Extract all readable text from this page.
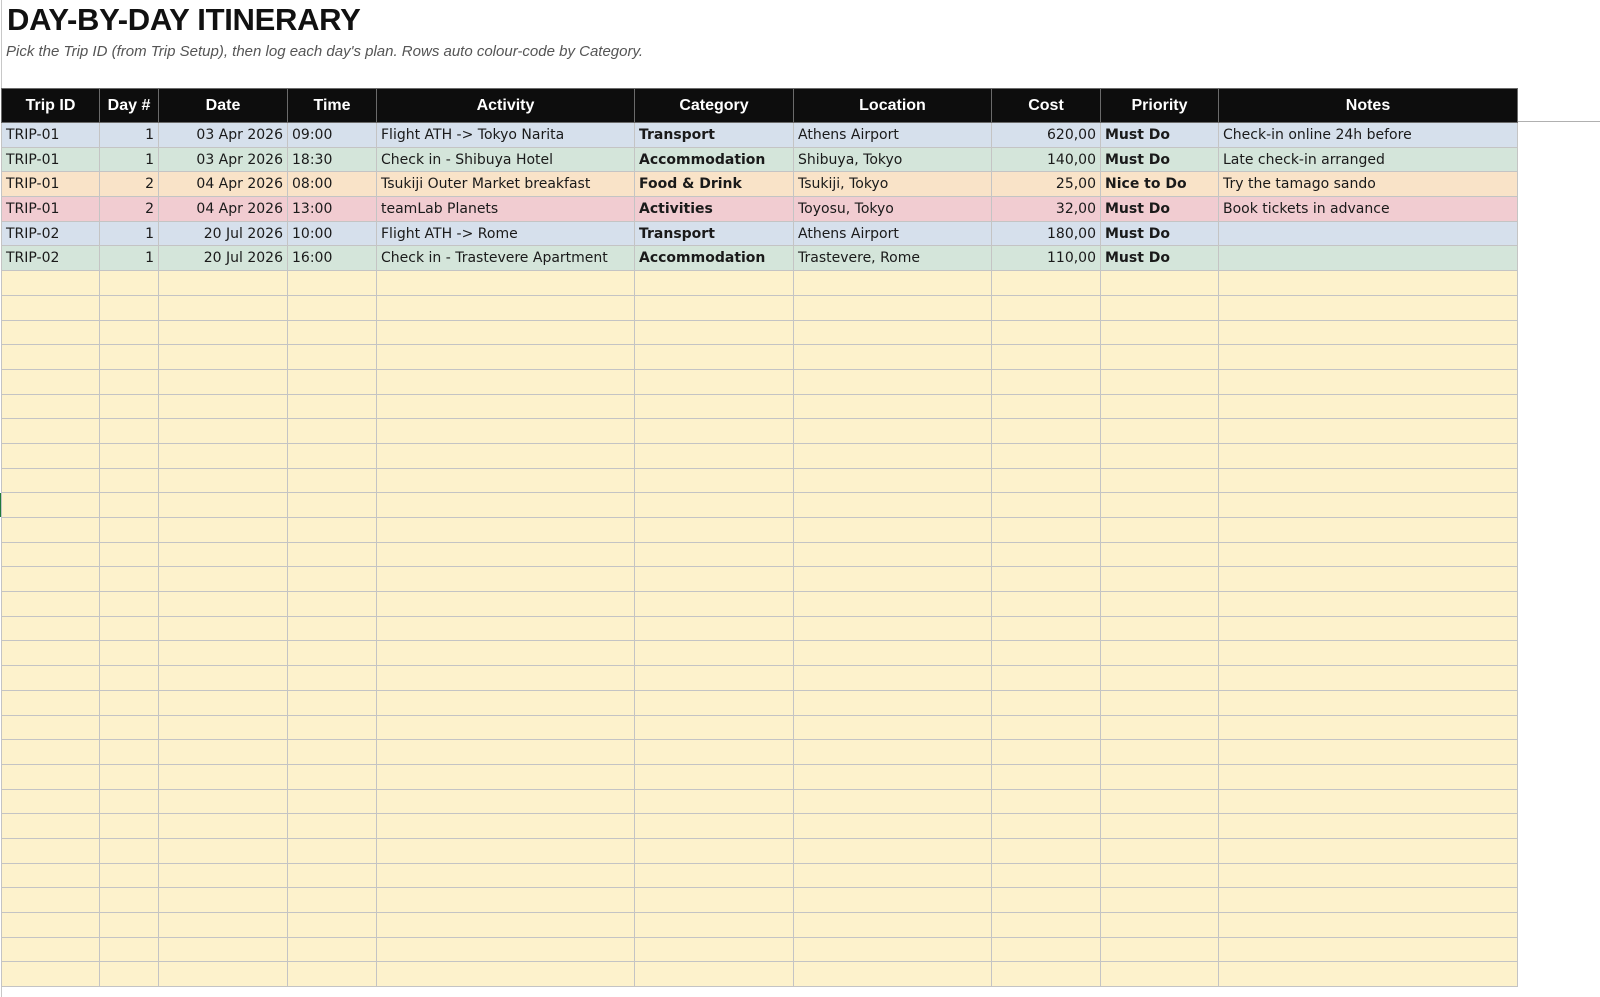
DAY-BY-DAY ITINERARY
Pick the Trip ID (from Trip Setup), then log each day's plan. Rows auto colour-code by Category.
Trip ID	Day #	Date	Time	Activity	Category	Location	Cost	Priority	Notes
TRIP-01	1	03 Apr 2026	09:00	Flight ATH -> Tokyo Narita	Transport	Athens Airport	620,00	Must Do	Check-in online 24h before
TRIP-01	1	03 Apr 2026	18:30	Check in - Shibuya Hotel	Accommodation	Shibuya, Tokyo	140,00	Must Do	Late check-in arranged
TRIP-01	2	04 Apr 2026	08:00	Tsukiji Outer Market breakfast	Food & Drink	Tsukiji, Tokyo	25,00	Nice to Do	Try the tamago sando
TRIP-01	2	04 Apr 2026	13:00	teamLab Planets	Activities	Toyosu, Tokyo	32,00	Must Do	Book tickets in advance
TRIP-02	1	20 Jul 2026	10:00	Flight ATH -> Rome	Transport	Athens Airport	180,00	Must Do	
TRIP-02	1	20 Jul 2026	16:00	Check in - Trastevere Apartment	Accommodation	Trastevere, Rome	110,00	Must Do	
